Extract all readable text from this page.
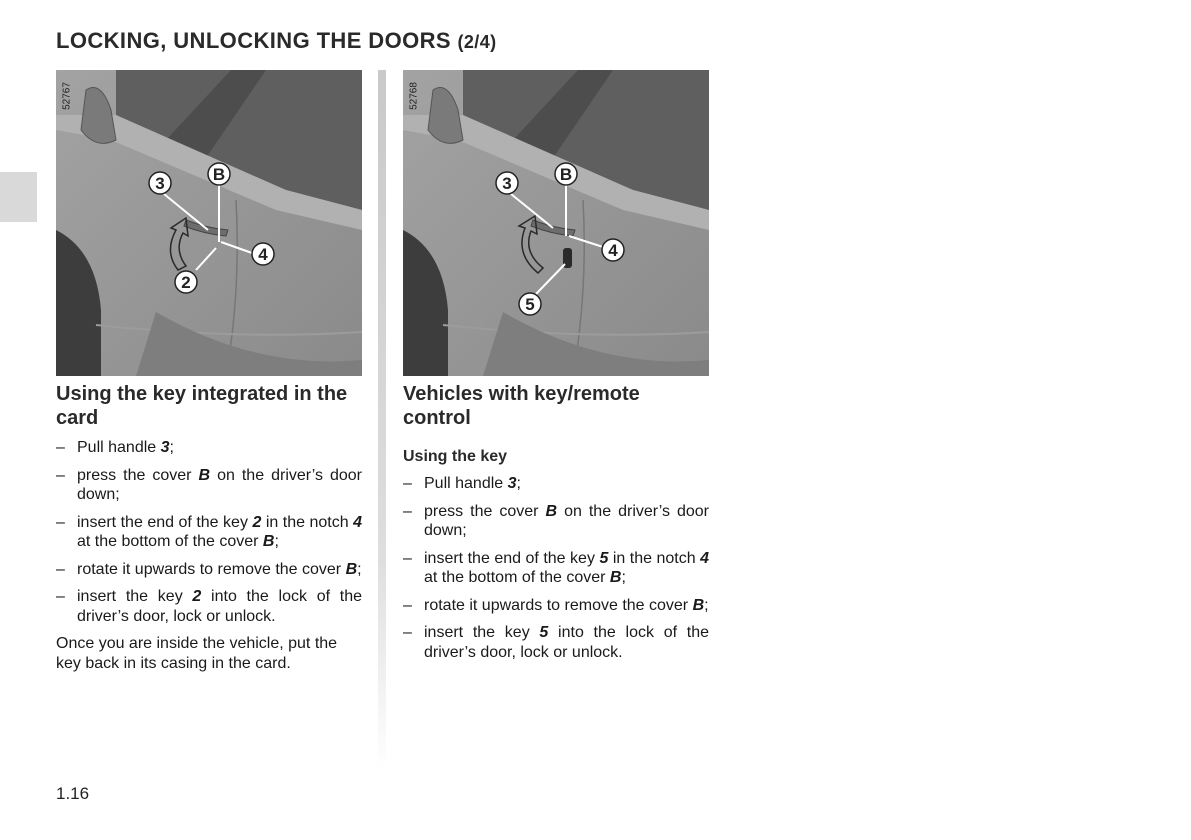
LOCKING, UNLOCKING THE DOORS (2/4)
3	B
4
2
52767
Using the key integrated in the card
– Pull handle 3;
– press the cover B on the driver’s door down;
– insert the end of the key 2 in the notch 4 at the bottom of the cover B;
– rotate it upwards to remove the cover B;
– insert the key 2 into the lock of the driver’s door, lock or unlock.

Once you are inside the vehicle, put the key back in its casing in the card.

3	B
4
5
52768
Vehicles with key/remote control
Using the key
– Pull handle 3;
– press the cover B on the driver’s door down;
– insert the end of the key 5 in the notch 4 at the bottom of the cover B;
– rotate it upwards to remove the cover B;
– insert the key 5 into the lock of the driver’s door, lock or unlock.
1.16
